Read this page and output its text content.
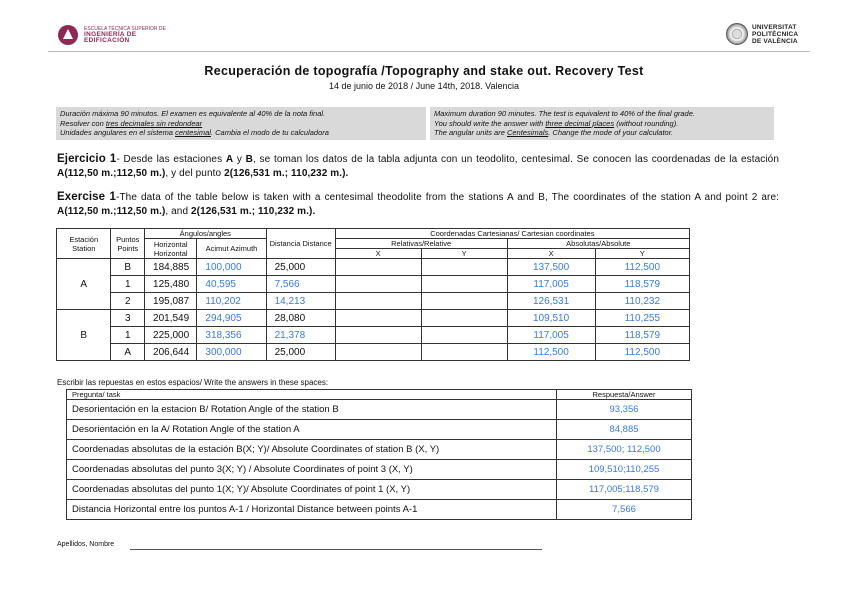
ESCUELA TÉCNICA SUPERIOR DE
INGENIERÍA DE
EDIFICACIÓN
UNIVERSITAT
POLITÈCNICA
DE VALÈNCIA
Recuperación de topografía /Topography and stake out. Recovery Test
14 de junio de 2018 / June 14th, 2018. Valencia
Duración máxima 90 minutos. El examen es equivalente al 40% de la nota final.
Resolver con tres decimales sin redondear
Unidades angulares en el sistema centesimal. Cambia el modo de tu calculadora
Maximum duration 90 minutes. The test is equivalent to 40% of the final grade.
You should write the answer with three decimal places (without rounding).
The angular units are Centesimals. Change the mode of your calculator.
Ejercicio 1- Desde las estaciones A y B, se toman los datos de la tabla adjunta con un teodolito, centesimal. Se conocen las coordenadas de la estación A(112,50 m.;112,50 m.), y del punto 2(126,531 m.; 110,232 m.).
Exercise 1-The data of the table below is taken with a centesimal theodolite from the stations A and B, The coordinates of the station A and point 2 are: A(112,50 m.;112,50 m.), and 2(126,531 m.; 110,232 m.).
Estación Station	Puntos Points	Ángulos/angles		Distancia Distance	Coordenadas Cartesianas/ Cartesian coordinates			
		Horizontal Horizontal	Acimut Azimuth		Relativas/Relative		Absolutas/Absolute	
					X	Y	X	Y
A	B	184,885	100,000	25,000			137,500	112,500
	1	125,480	40,595	7,566			117,005	118,579
	2	195,087	110,202	14,213			126,531	110,232
B	3	201,549	294,905	28,080			109,510	110,255
	1	225,000	318,356	21,378			117,005	118,579
	A	206,644	300,000	25,000			112,500	112,500
Escribir las repuestas en estos espacios/ Write the answers in these spaces:
Pregunta/ task	Respuesta/Answer
Desorientación en la estacion B/ Rotation Angle of the station B	93,356
Desorientación en la A/ Rotation Angle of the station A	84,885
Coordenadas absolutas de la estación B(X; Y)/ Absolute Coordinates of station B (X, Y)	137,500; 112,500
Coordenadas absolutas del punto 3(X; Y) / Absolute Coordinates of point 3 (X, Y)	109,510;110,255
Coordenadas absolutas del punto 1(X; Y)/ Absolute Coordinates of point 1 (X, Y)	117,005;118,579
Distancia Horizontal entre los puntos A-1 / Horizontal Distance between points A-1	7,566
Apellidos, Nombre
